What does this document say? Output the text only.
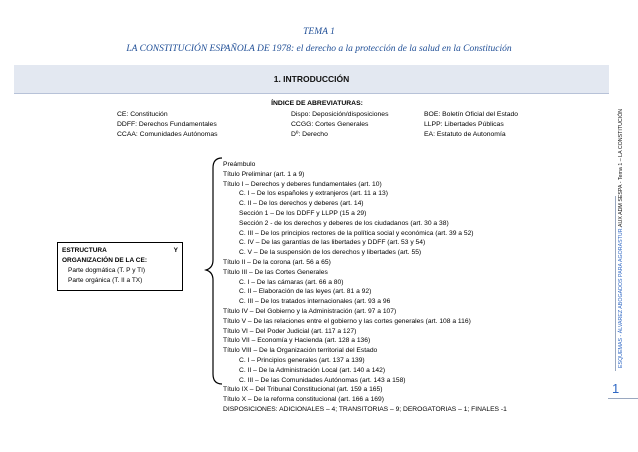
TEMA 1
LA CONSTITUCIÓN ESPAÑOLA DE 1978: el derecho a la protección de la salud en la Constitución
1. INTRODUCCIÓN
ÍNDICE DE ABREVIATURAS:
CE: Constitución
DDFF: Derechos Fundamentales
CCAA: Comunidades Autónomas
Dispo: Deposición/disposiciones
CCGG: Cortes Generales
Dº: Derecho
BOE: Boletín Oficial del Estado
LLPP: Libertades Públicas
EA: Estatuto de Autonomía
ESTRUCTURA	Y
ORGANIZACIÓN DE LA CE:
Parte dogmática (T. P y TI)
Parte orgánica (T. II a TX)
Preámbulo
Título Preliminar (art. 1 a 9)
Título I – Derechos y deberes fundamentales (art. 10)
C. I – De los españoles y extranjeros (art. 11 a 13)
C. II – De los derechos y deberes (art. 14)
Sección 1 – De los DDFF y LLPP (15 a 29)
Sección 2 - de los derechos y deberes de los ciudadanos (art. 30 a 38)
C. III – De los principios rectores de la política social y económica (art. 39 a 52)
C. IV – De las garantías de las libertades y DDFF (art. 53 y 54)
C. V – De la suspensión de los derechos y libertades (art. 55)
Título II – De la corona (art. 56 a 65)
Título III – De las Cortes Generales
C. I – De las cámaras (art. 66 a 80)
C. II – Elaboración de las leyes (art. 81 a 92)
C. III – De los tratados internacionales (art. 93 a 96
Título IV – Del Gobierno y la Administración (art. 97 a 107)
Título V – De las relaciones entre el gobierno y las cortes generales (art. 108 a 116)
Título VI – Del Poder Judicial (art. 117 a 127)
Título VII – Economía y Hacienda (art. 128 a 136)
Título VIII – De la Organización territorial del Estado
C. I – Principios generales (art. 137 a 139)
C. II – De la Administración Local (art. 140 a 142)
C. III – De las Comunidades Autónomas (art. 143 a 158)
Título IX – Del Tribunal Constitucional (art. 159 a 165)
Título X – De la reforma constitucional (art. 166 a 169)
DISPOSICIONES: ADICIONALES – 4; TRANSITORIAS – 9; DEROGATORIAS – 1; FINALES -1
ESQUEMAS - ÁLVAREZ ABOGADOS PARA AGORASTUR.
AUX ADM SESPA - Tema 1 – LA CONSTITUCIÓN
1
